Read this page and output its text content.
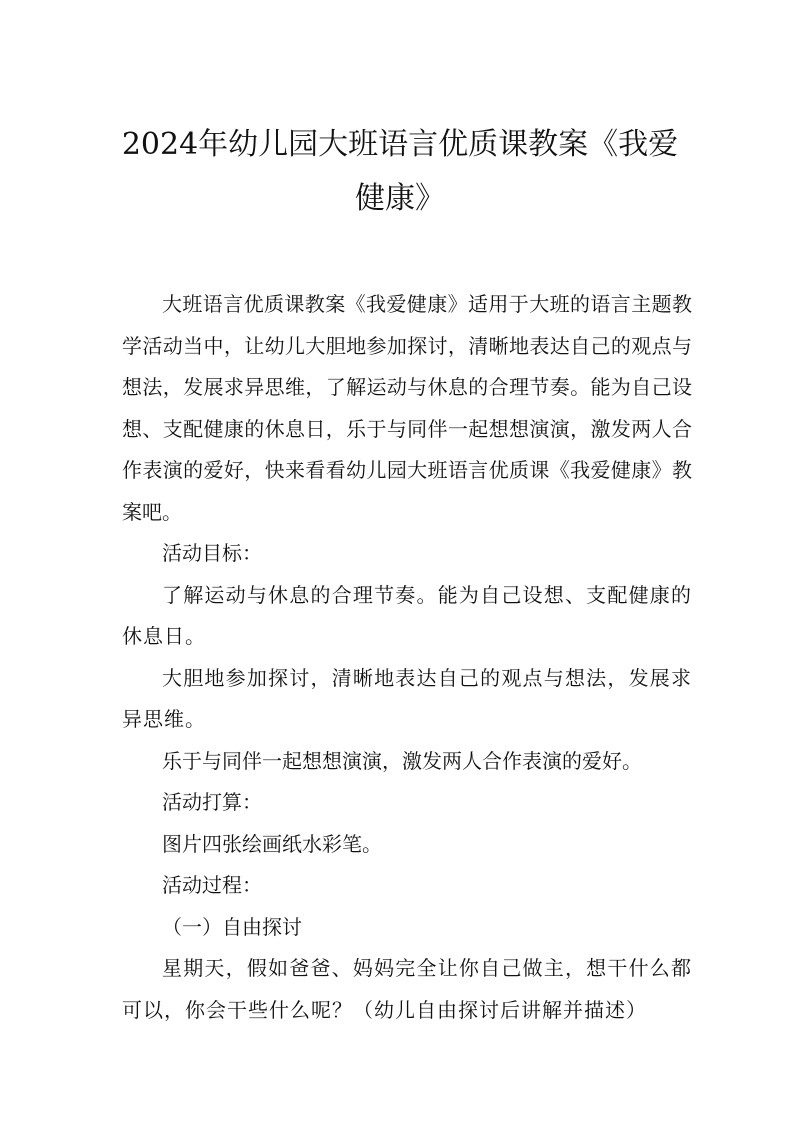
2024年幼儿园大班语言优质课教案《我爱健康》

大班语言优质课教案《我爱健康》适用于大班的语言主题教学活动当中，让幼儿大胆地参加探讨，清晰地表达自己的观点与想法，发展求异思维，了解运动与休息的合理节奏。能为自己设想、支配健康的休息日，乐于与同伴一起想想演演，激发两人合作表演的爱好，快来看看幼儿园大班语言优质课《我爱健康》教案吧。

活动目标：

了解运动与休息的合理节奏。能为自己设想、支配健康的休息日。

大胆地参加探讨，清晰地表达自己的观点与想法，发展求异思维。

乐于与同伴一起想想演演，激发两人合作表演的爱好。

活动打算：

图片四张绘画纸水彩笔。

活动过程：

（一）自由探讨

星期天，假如爸爸、妈妈完全让你自己做主，想干什么都可以，你会干些什么呢？（幼儿自由探讨后讲解并描述）
